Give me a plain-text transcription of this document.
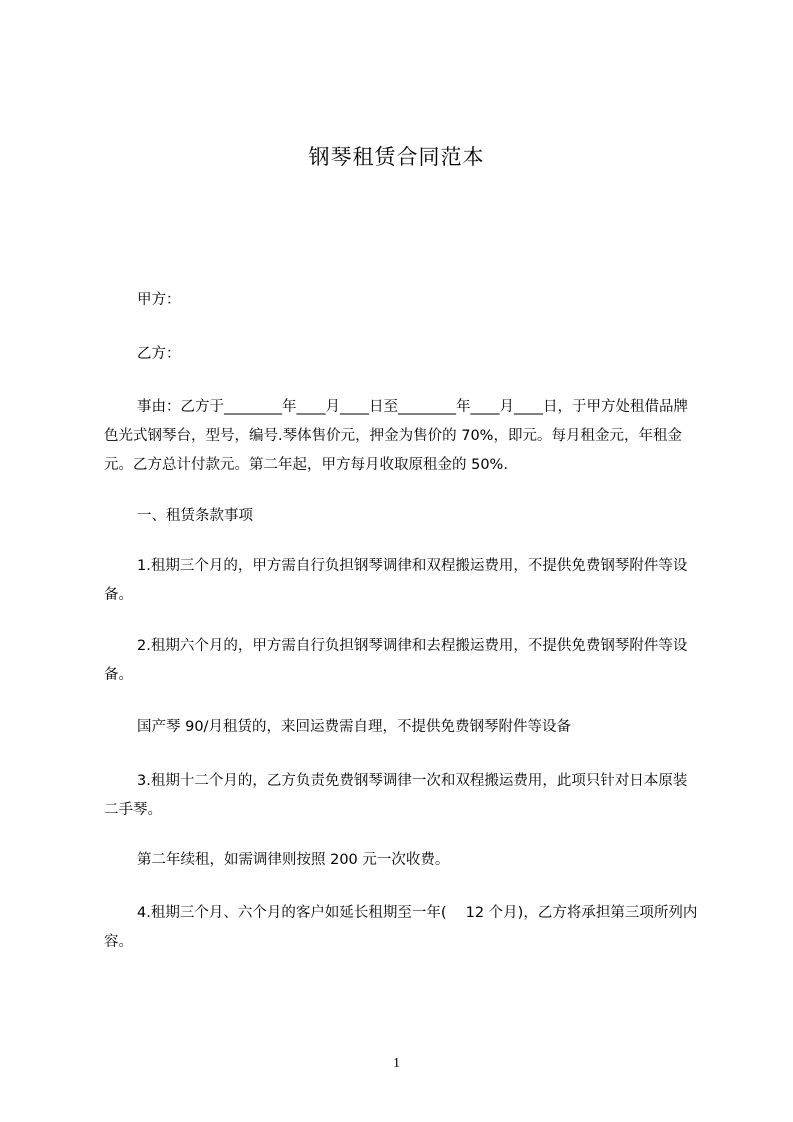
钢琴租赁合同范本

甲方：

乙方：

事由：乙方于________年____月____日至________年____月____日，于甲方处租借品牌色光式钢琴台，型号，编号.琴体售价元，押金为售价的 70%，即元。每月租金元，年租金元。乙方总计付款元。第二年起，甲方每月收取原租金的 50%.

一、租赁条款事项

1.租期三个月的，甲方需自行负担钢琴调律和双程搬运费用，不提供免费钢琴附件等设备。

2.租期六个月的，甲方需自行负担钢琴调律和去程搬运费用，不提供免费钢琴附件等设备。

国产琴 90/月租赁的，来回运费需自理，不提供免费钢琴附件等设备

3.租期十二个月的，乙方负责免费钢琴调律一次和双程搬运费用，此项只针对日本原装二手琴。

第二年续租，如需调律则按照 200 元一次收费。

4.租期三个月、六个月的客户如延长租期至一年(　 12 个月)，乙方将承担第三项所列内容。

1
